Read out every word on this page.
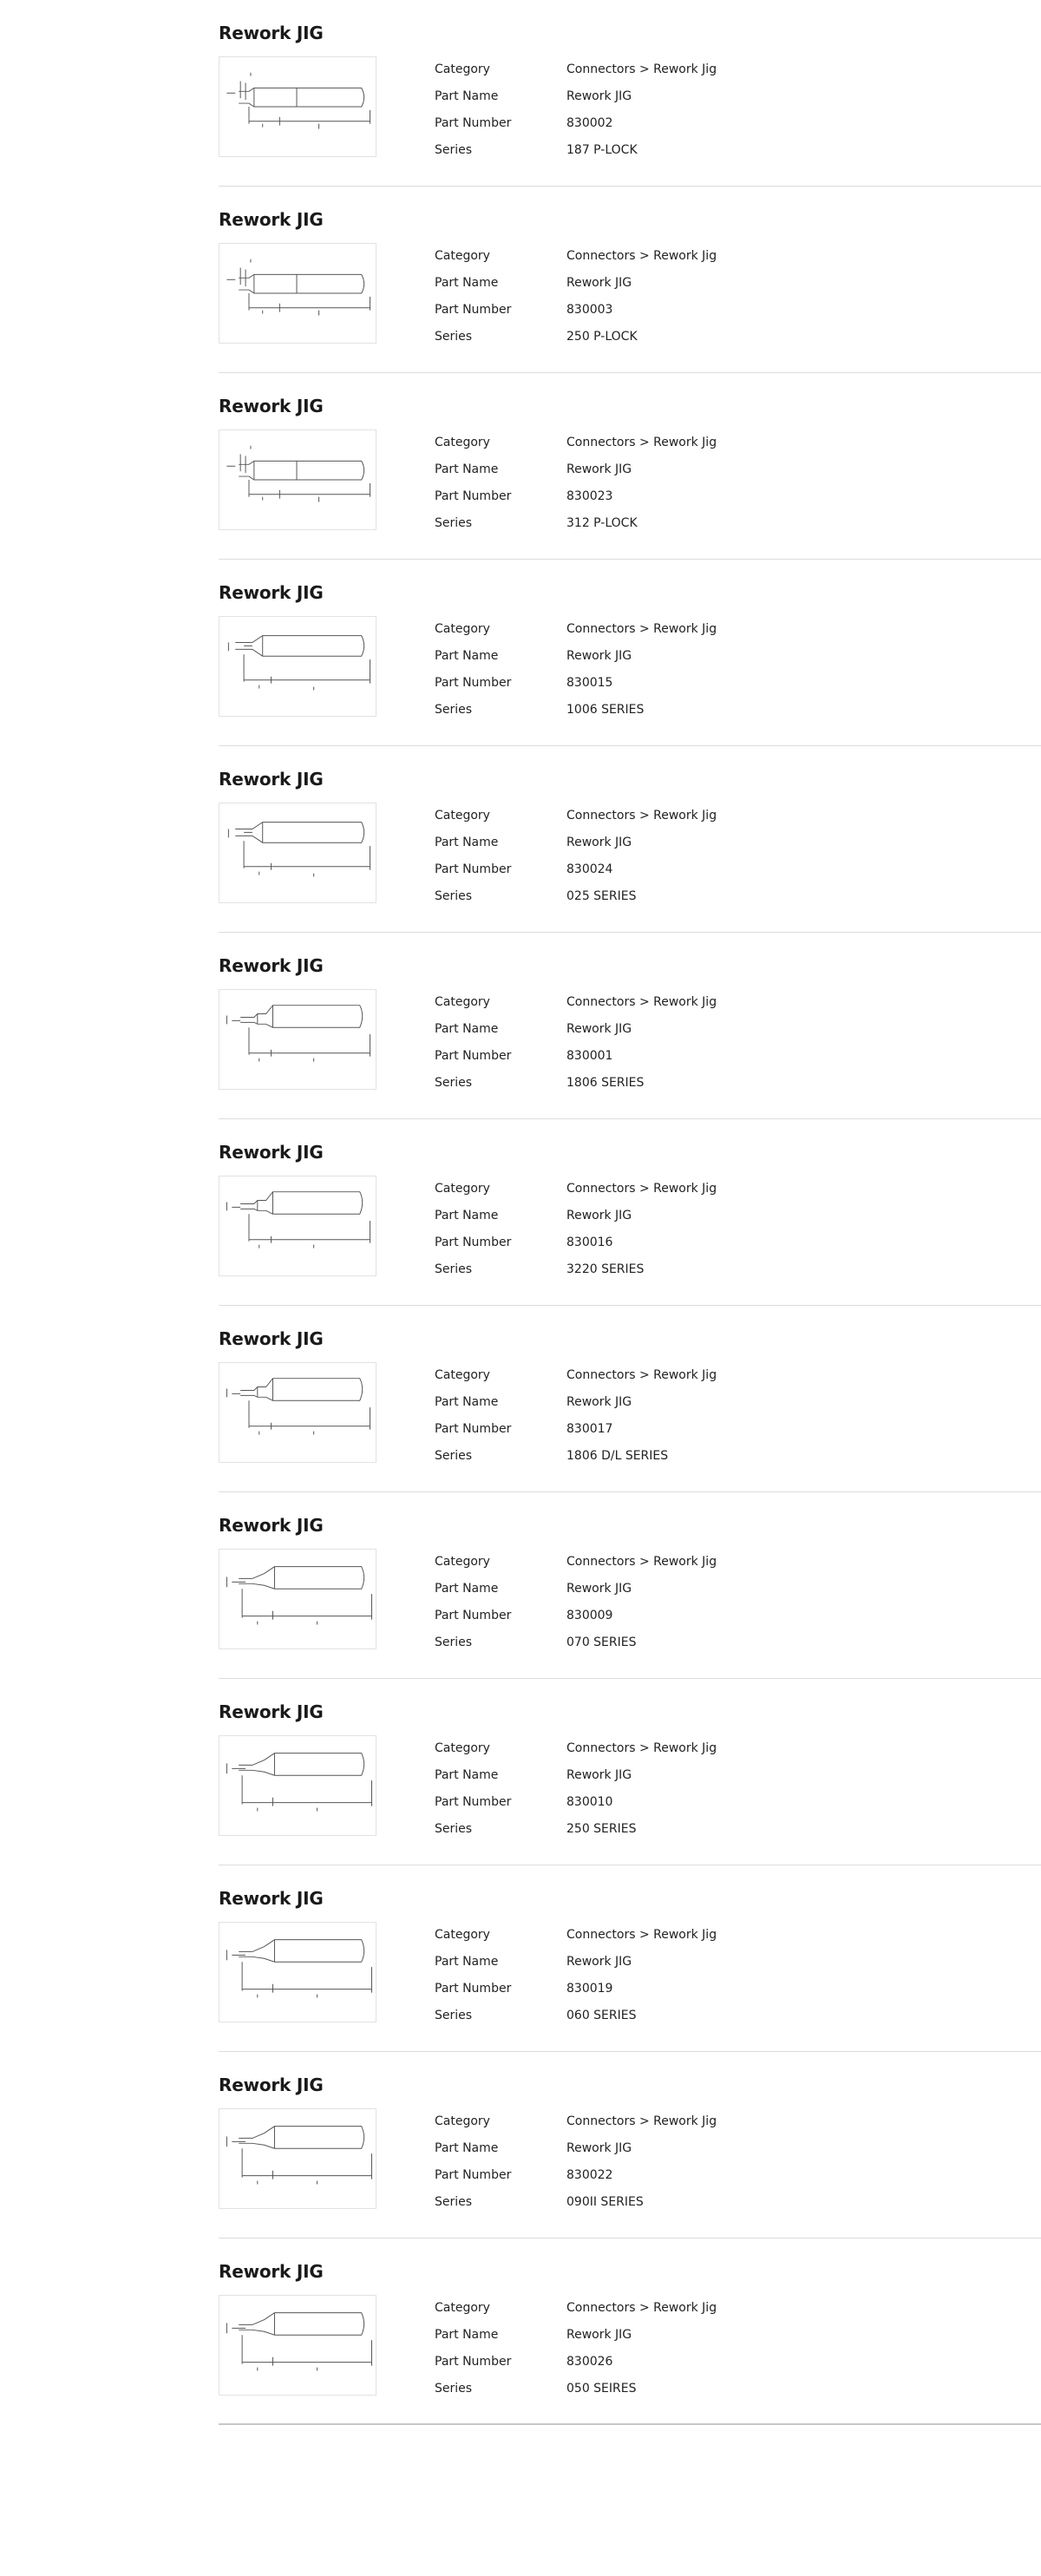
Rework JIG
Category	Connectors > Rework Jig
Part Name	Rework JIG
Part Number	830002
Series	187 P-LOCK
Rework JIG
Category	Connectors > Rework Jig
Part Name	Rework JIG
Part Number	830003
Series	250 P-LOCK
Rework JIG
Category	Connectors > Rework Jig
Part Name	Rework JIG
Part Number	830023
Series	312 P-LOCK
Rework JIG
Category	Connectors > Rework Jig
Part Name	Rework JIG
Part Number	830015
Series	1006 SERIES
Rework JIG
Category	Connectors > Rework Jig
Part Name	Rework JIG
Part Number	830024
Series	025 SERIES
Rework JIG
Category	Connectors > Rework Jig
Part Name	Rework JIG
Part Number	830001
Series	1806 SERIES
Rework JIG
Category	Connectors > Rework Jig
Part Name	Rework JIG
Part Number	830016
Series	3220 SERIES
Rework JIG
Category	Connectors > Rework Jig
Part Name	Rework JIG
Part Number	830017
Series	1806 D/L SERIES
Rework JIG
Category	Connectors > Rework Jig
Part Name	Rework JIG
Part Number	830009
Series	070 SERIES
Rework JIG
Category	Connectors > Rework Jig
Part Name	Rework JIG
Part Number	830010
Series	250 SERIES
Rework JIG
Category	Connectors > Rework Jig
Part Name	Rework JIG
Part Number	830019
Series	060 SERIES
Rework JIG
Category	Connectors > Rework Jig
Part Name	Rework JIG
Part Number	830022
Series	090II SERIES
Rework JIG
Category	Connectors > Rework Jig
Part Name	Rework JIG
Part Number	830026
Series	050 SEIRES
